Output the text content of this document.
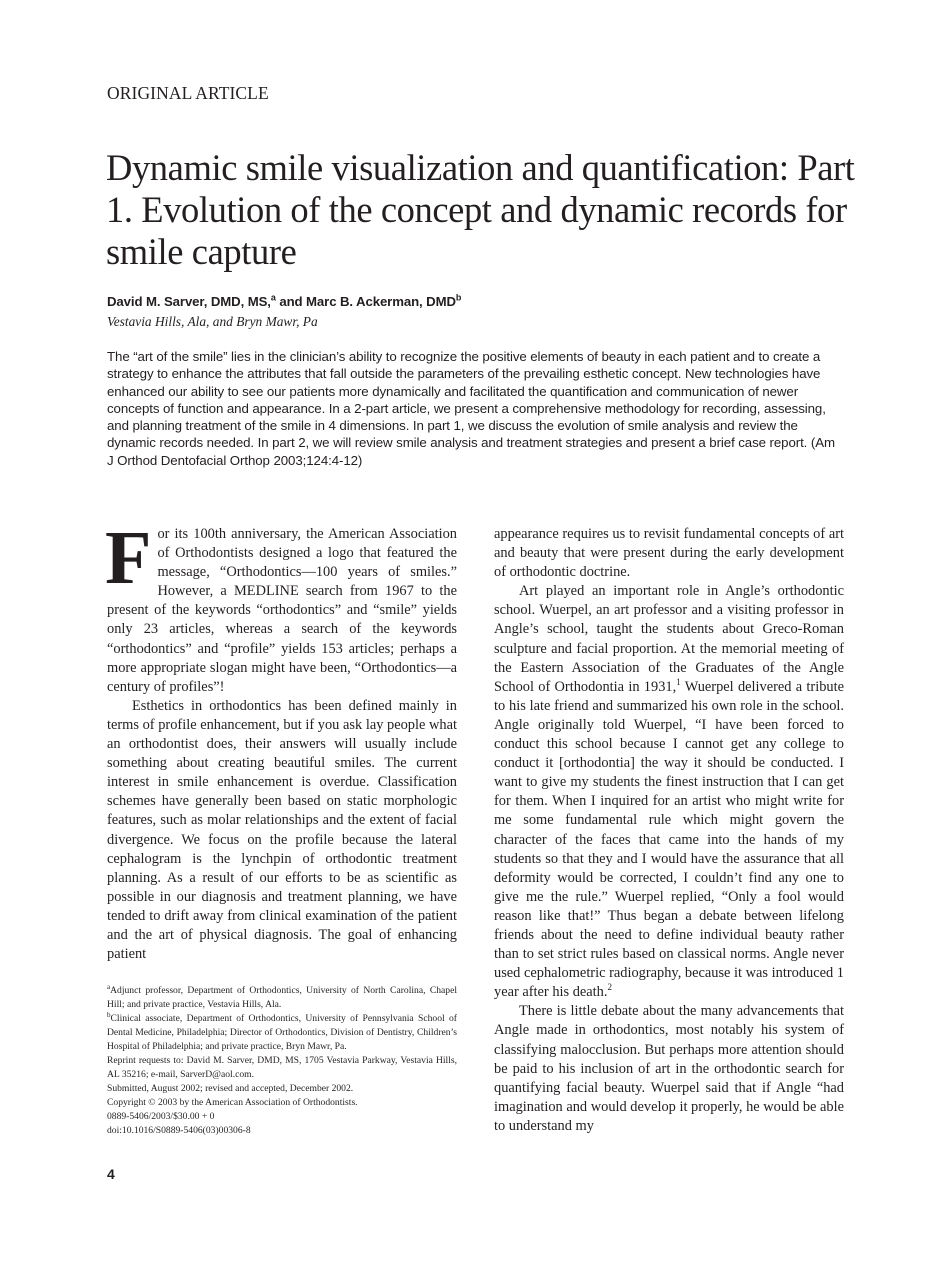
ORIGINAL ARTICLE
Dynamic smile visualization and quantification: Part 1. Evolution of the concept and dynamic records for smile capture
David M. Sarver, DMD, MS,$^a$ and Marc B. Ackerman, DMD$^b$
Vestavia Hills, Ala, and Bryn Mawr, Pa

The “art of the smile” lies in the clinician’s ability to recognize the positive elements of beauty in each patient and to create a strategy to enhance the attributes that fall outside the parameters of the prevailing esthetic concept. New technologies have enhanced our ability to see our patients more dynamically and facilitated the quantification and communication of newer concepts of function and appearance. In a 2-part article, we present a comprehensive methodology for recording, assessing, and planning treatment of the smile in 4 dimensions. In part 1, we discuss the evolution of smile analysis and review the dynamic records needed. In part 2, we will review smile analysis and treatment strategies and present a brief case report. (Am J Orthod Dentofacial Orthop 2003;124:4-12)

For its 100th anniversary, the American Association of Orthodontists designed a logo that featured the message, “Orthodontics—100 years of smiles.” However, a MEDLINE search from 1967 to the present of the keywords “orthodontics” and “smile” yields only 23 articles, whereas a search of the keywords “orthodontics” and “profile” yields 153 articles; perhaps a more appropriate slogan might have been, “Orthodontics—a century of profiles”!

Esthetics in orthodontics has been defined mainly in terms of profile enhancement, but if you ask lay people what an orthodontist does, their answers will usually include something about creating beautiful smiles. The current interest in smile enhancement is overdue. Classification schemes have generally been based on static morphologic features, such as molar relationships and the extent of facial divergence. We focus on the profile because the lateral cephalogram is the lynchpin of orthodontic treatment planning. As a result of our efforts to be as scientific as possible in our diagnosis and treatment planning, we have tended to drift away from clinical examination of the patient and the art of physical diagnosis. The goal of enhancing patient

appearance requires us to revisit fundamental concepts of art and beauty that were present during the early development of orthodontic doctrine.

Art played an important role in Angle’s orthodontic school. Wuerpel, an art professor and a visiting professor in Angle’s school, taught the students about Greco-Roman sculpture and facial proportion. At the memorial meeting of the Eastern Association of the Graduates of the Angle School of Orthodontia in 1931,$^1$ Wuerpel delivered a tribute to his late friend and summarized his own role in the school. Angle originally told Wuerpel, “I have been forced to conduct this school because I cannot get any college to conduct it [orthodontia] the way it should be conducted. I want to give my students the finest instruction that I can get for them. When I inquired for an artist who might write for me some fundamental rule which might govern the character of the faces that came into the hands of my students so that they and I would have the assurance that all deformity would be corrected, I couldn’t find any one to give me the rule.” Wuerpel replied, “Only a fool would reason like that!” Thus began a debate between lifelong friends about the need to define individual beauty rather than to set strict rules based on classical norms. Angle never used cephalometric radiography, because it was introduced 1 year after his death.$^2$

There is little debate about the many advancements that Angle made in orthodontics, most notably his system of classifying malocclusion. But perhaps more attention should be paid to his inclusion of art in the orthodontic search for quantifying facial beauty. Wuerpel said that if Angle “had imagination and would develop it properly, he would be able to understand my

$^a$Adjunct professor, Department of Orthodontics, University of North Carolina, Chapel Hill; and private practice, Vestavia Hills, Ala.
$^b$Clinical associate, Department of Orthodontics, University of Pennsylvania School of Dental Medicine, Philadelphia; Director of Orthodontics, Division of Dentistry, Children’s Hospital of Philadelphia; and private practice, Bryn Mawr, Pa.
Reprint requests to: David M. Sarver, DMD, MS, 1705 Vestavia Parkway, Vestavia Hills, AL 35216; e-mail, SarverD@aol.com.
Submitted, August 2002; revised and accepted, December 2002.
Copyright © 2003 by the American Association of Orthodontists.
0889-5406/2003/$30.00 + 0
doi:10.1016/S0889-5406(03)00306-8
4
